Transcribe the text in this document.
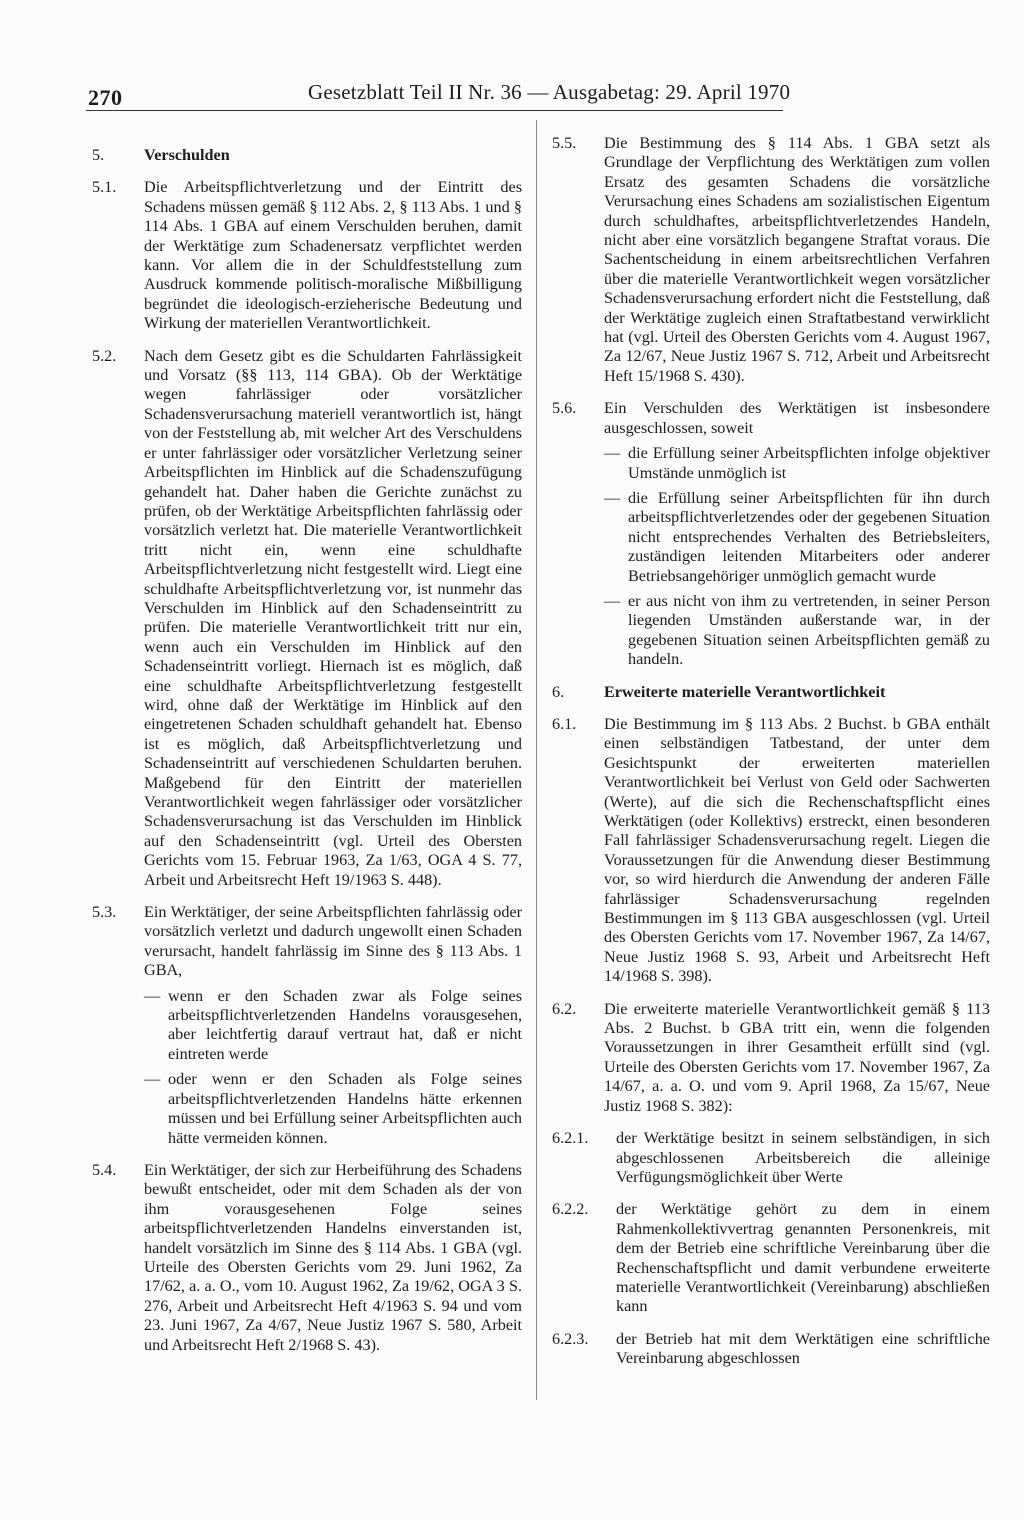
270	Gesetzblatt Teil II Nr. 36 — Ausgabetag: 29. April 1970
5. Verschulden

5.1. Die Arbeitspflichtverletzung und der Eintritt des Schadens müssen gemäß § 112 Abs. 2, § 113 Abs. 1 und § 114 Abs. 1 GBA auf einem Verschulden beruhen, damit der Werktätige zum Schadenersatz verpflichtet werden kann. Vor allem die in der Schuldfeststellung zum Ausdruck kommende politisch-moralische Mißbilligung begründet die ideologisch-erzieherische Bedeutung und Wirkung der materiellen Verantwortlichkeit.

5.2. Nach dem Gesetz gibt es die Schuldarten Fahrlässigkeit und Vorsatz (§§ 113, 114 GBA). Ob der Werktätige wegen fahrlässiger oder vorsätzlicher Schadensverursachung materiell verantwortlich ist, hängt von der Feststellung ab, mit welcher Art des Verschuldens er unter fahrlässiger oder vorsätzlicher Verletzung seiner Arbeitspflichten im Hinblick auf die Schadenszufügung gehandelt hat. Daher haben die Gerichte zunächst zu prüfen, ob der Werktätige Arbeitspflichten fahrlässig oder vorsätzlich verletzt hat. Die materielle Verantwortlichkeit tritt nicht ein, wenn eine schuldhafte Arbeitspflichtverletzung nicht festgestellt wird. Liegt eine schuldhafte Arbeitspflichtverletzung vor, ist nunmehr das Verschulden im Hinblick auf den Schadenseintritt zu prüfen. Die materielle Verantwortlichkeit tritt nur ein, wenn auch ein Verschulden im Hinblick auf den Schadenseintritt vorliegt. Hiernach ist es möglich, daß eine schuldhafte Arbeitspflichtverletzung festgestellt wird, ohne daß der Werktätige im Hinblick auf den eingetretenen Schaden schuldhaft gehandelt hat. Ebenso ist es möglich, daß Arbeitspflichtverletzung und Schadenseintritt auf verschiedenen Schuldarten beruhen. Maßgebend für den Eintritt der materiellen Verantwortlichkeit wegen fahrlässiger oder vorsätzlicher Schadensverursachung ist das Verschulden im Hinblick auf den Schadenseintritt (vgl. Urteil des Obersten Gerichts vom 15. Februar 1963, Za 1/63, OGA 4 S. 77, Arbeit und Arbeitsrecht Heft 19/1963 S. 448).

5.3. Ein Werktätiger, der seine Arbeitspflichten fahrlässig oder vorsätzlich verletzt und dadurch ungewollt einen Schaden verursacht, handelt fahrlässig im Sinne des § 113 Abs. 1 GBA,

— wenn er den Schaden zwar als Folge seines arbeitspflichtverletzenden Handelns vorausgesehen, aber leichtfertig darauf vertraut hat, daß er nicht eintreten werde
— oder wenn er den Schaden als Folge seines arbeitspflichtverletzenden Handelns hätte erkennen müssen und bei Erfüllung seiner Arbeitspflichten auch hätte vermeiden können.
5.4. Ein Werktätiger, der sich zur Herbeiführung des Schadens bewußt entscheidet, oder mit dem Schaden als der von ihm vorausgesehenen Folge seines arbeitspflichtverletzenden Handelns einverstanden ist, handelt vorsätzlich im Sinne des § 114 Abs. 1 GBA (vgl. Urteile des Obersten Gerichts vom 29. Juni 1962, Za 17/62, a. a. O., vom 10. August 1962, Za 19/62, OGA 3 S. 276, Arbeit und Arbeitsrecht Heft 4/1963 S. 94 und vom 23. Juni 1967, Za 4/67, Neue Justiz 1967 S. 580, Arbeit und Arbeitsrecht Heft 2/1968 S. 43).

5.5. Die Bestimmung des § 114 Abs. 1 GBA setzt als Grundlage der Verpflichtung des Werktätigen zum vollen Ersatz des gesamten Schadens die vorsätzliche Verursachung eines Schadens am sozialistischen Eigentum durch schuldhaftes, arbeitspflichtverletzendes Handeln, nicht aber eine vorsätzlich begangene Straftat voraus. Die Sachentscheidung in einem arbeitsrechtlichen Verfahren über die materielle Verantwortlichkeit wegen vorsätzlicher Schadensverursachung erfordert nicht die Feststellung, daß der Werktätige zugleich einen Straftatbestand verwirklicht hat (vgl. Urteil des Obersten Gerichts vom 4. August 1967, Za 12/67, Neue Justiz 1967 S. 712, Arbeit und Arbeitsrecht Heft 15/1968 S. 430).

5.6. Ein Verschulden des Werktätigen ist insbesondere ausgeschlossen, soweit

— die Erfüllung seiner Arbeitspflichten infolge objektiver Umstände unmöglich ist
— die Erfüllung seiner Arbeitspflichten für ihn durch arbeitspflichtverletzendes oder der gegebenen Situation nicht entsprechendes Verhalten des Betriebsleiters, zuständigen leitenden Mitarbeiters oder anderer Betriebsangehöriger unmöglich gemacht wurde
— er aus nicht von ihm zu vertretenden, in seiner Person liegenden Umständen außerstande war, in der gegebenen Situation seinen Arbeitspflichten gemäß zu handeln.
6. Erweiterte materielle Verantwortlichkeit

6.1. Die Bestimmung im § 113 Abs. 2 Buchst. b GBA enthält einen selbständigen Tatbestand, der unter dem Gesichtspunkt der erweiterten materiellen Verantwortlichkeit bei Verlust von Geld oder Sachwerten (Werte), auf die sich die Rechenschaftspflicht eines Werktätigen (oder Kollektivs) erstreckt, einen besonderen Fall fahrlässiger Schadensverursachung regelt. Liegen die Voraussetzungen für die Anwendung dieser Bestimmung vor, so wird hierdurch die Anwendung der anderen Fälle fahrlässiger Schadensverursachung regelnden Bestimmungen im § 113 GBA ausgeschlossen (vgl. Urteil des Obersten Gerichts vom 17. November 1967, Za 14/67, Neue Justiz 1968 S. 93, Arbeit und Arbeitsrecht Heft 14/1968 S. 398).

6.2. Die erweiterte materielle Verantwortlichkeit gemäß § 113 Abs. 2 Buchst. b GBA tritt ein, wenn die folgenden Voraussetzungen in ihrer Gesamtheit erfüllt sind (vgl. Urteile des Obersten Gerichts vom 17. November 1967, Za 14/67, a. a. O. und vom 9. April 1968, Za 15/67, Neue Justiz 1968 S. 382):

6.2.1. der Werktätige besitzt in seinem selbständigen, in sich abgeschlossenen Arbeitsbereich die alleinige Verfügungsmöglichkeit über Werte

6.2.2. der Werktätige gehört zu dem in einem Rahmenkollektivvertrag genannten Personenkreis, mit dem der Betrieb eine schriftliche Vereinbarung über die Rechenschaftspflicht und damit verbundene erweiterte materielle Verantwortlichkeit (Vereinbarung) abschließen kann

6.2.3. der Betrieb hat mit dem Werktätigen eine schriftliche Vereinbarung abgeschlossen
